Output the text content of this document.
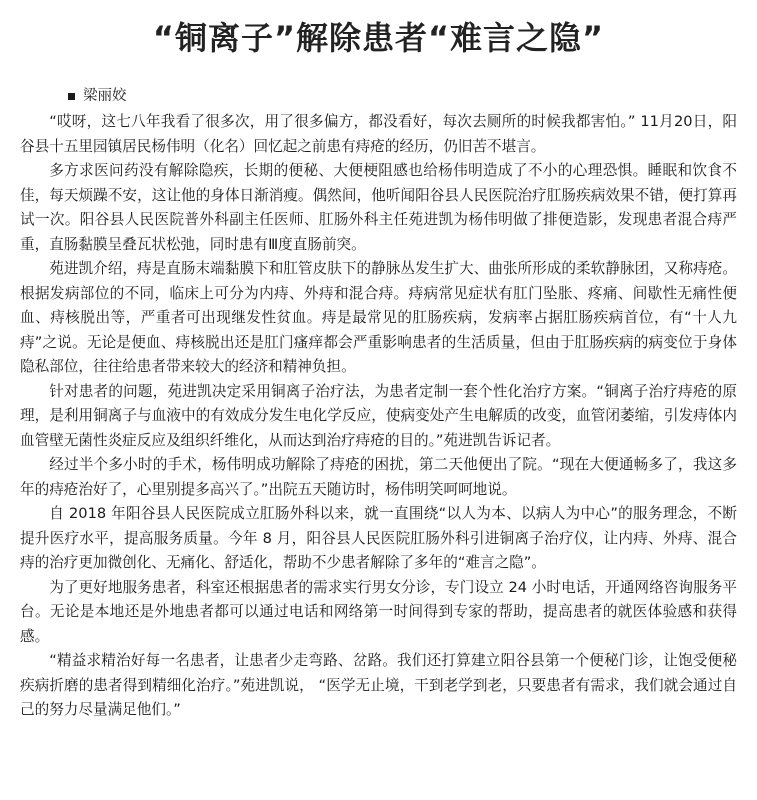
“铜离子”解除患者“难言之隐”
梁丽姣

“哎呀，这七八年我看了很多次，用了很多偏方，都没看好，每次去厕所的时候我都害怕。” 11月20日，阳谷县十五里园镇居民杨伟明（化名）回忆起之前患有痔疮的经历，仍旧苦不堪言。

多方求医问药没有解除隐疾，长期的便秘、大便梗阻感也给杨伟明造成了不小的心理恐惧。睡眠和饮食不佳，每天烦躁不安，这让他的身体日渐消瘦。偶然间，他听闻阳谷县人民医院治疗肛肠疾病效果不错，便打算再试一次。阳谷县人民医院普外科副主任医师、肛肠外科主任苑进凯为杨伟明做了排便造影，发现患者混合痔严重，直肠黏膜呈叠瓦状松弛，同时患有Ⅲ度直肠前突。

苑进凯介绍，痔是直肠末端黏膜下和肛管皮肤下的静脉丛发生扩大、曲张所形成的柔软静脉团，又称痔疮。根据发病部位的不同，临床上可分为内痔、外痔和混合痔。痔病常见症状有肛门坠胀、疼痛、间歇性无痛性便血、痔核脱出等，严重者可出现继发性贫血。痔是最常见的肛肠疾病，发病率占据肛肠疾病首位，有“十人九痔”之说。无论是便血、痔核脱出还是肛门瘙痒都会严重影响患者的生活质量，但由于肛肠疾病的病变位于身体隐私部位，往往给患者带来较大的经济和精神负担。

针对患者的问题，苑进凯决定采用铜离子治疗法，为患者定制一套个性化治疗方案。“铜离子治疗痔疮的原理，是利用铜离子与血液中的有效成分发生电化学反应，使病变处产生电解质的改变，血管闭萎缩，引发痔体内血管壁无菌性炎症反应及组织纤维化，从而达到治疗痔疮的目的。”苑进凯告诉记者。

经过半个多小时的手术，杨伟明成功解除了痔疮的困扰，第二天他便出了院。“现在大便通畅多了，我这多年的痔疮治好了，心里别提多高兴了。”出院五天随访时，杨伟明笑呵呵地说。

自 2018 年阳谷县人民医院成立肛肠外科以来，就一直围绕“以人为本、以病人为中心”的服务理念，不断提升医疗水平，提高服务质量。今年 8 月，阳谷县人民医院肛肠外科引进铜离子治疗仪，让内痔、外痔、混合痔的治疗更加微创化、无痛化、舒适化，帮助不少患者解除了多年的“难言之隐”。

为了更好地服务患者，科室还根据患者的需求实行男女分诊，专门设立 24 小时电话，开通网络咨询服务平台。无论是本地还是外地患者都可以通过电话和网络第一时间得到专家的帮助，提高患者的就医体验感和获得感。

“精益求精治好每一名患者，让患者少走弯路、岔路。我们还打算建立阳谷县第一个便秘门诊，让饱受便秘疾病折磨的患者得到精细化治疗。”苑进凯说， “医学无止境，干到老学到老，只要患者有需求，我们就会通过自己的努力尽量满足他们。”
